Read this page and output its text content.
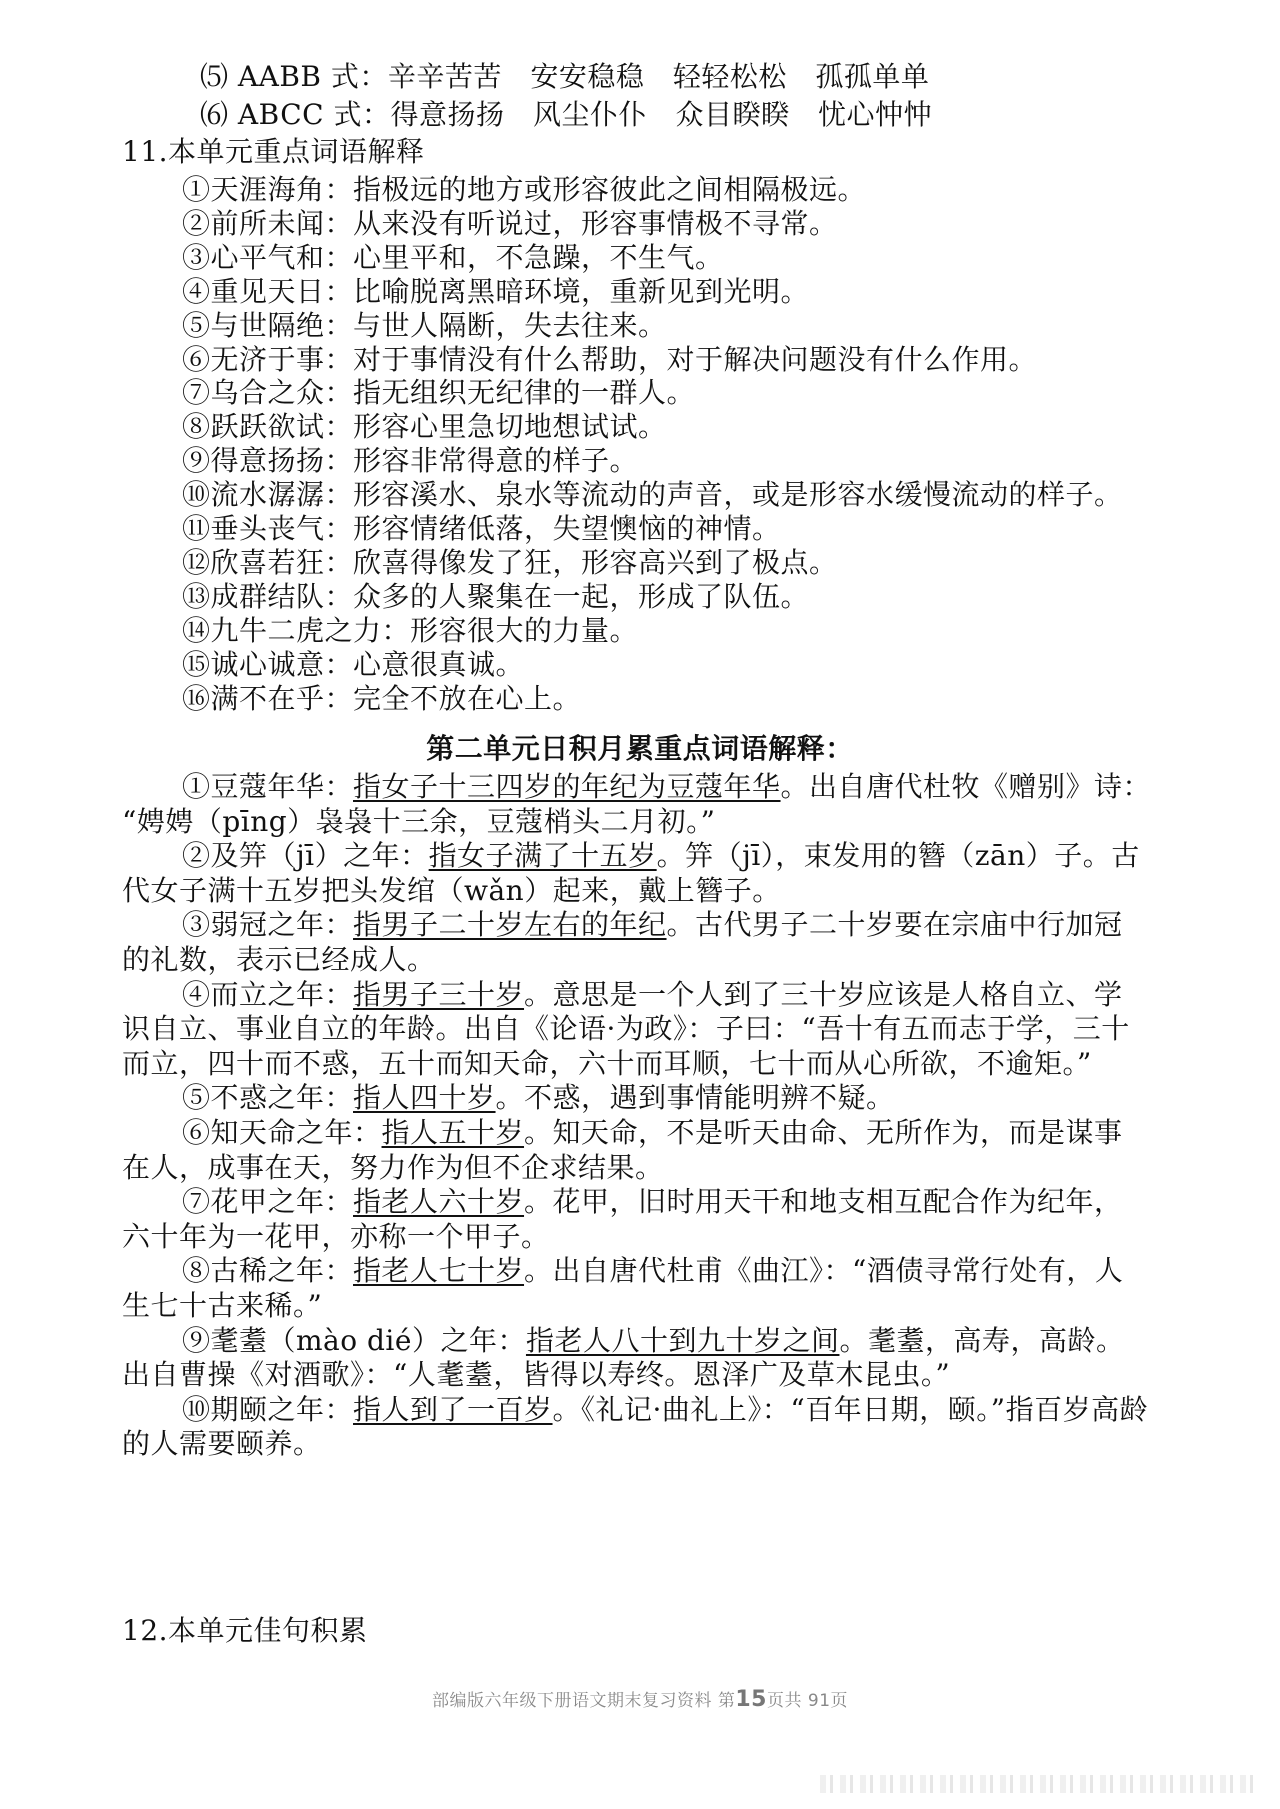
⑸ AABB 式：辛辛苦苦　安安稳稳　轻轻松松　孤孤单单
⑹ ABCC 式：得意扬扬　风尘仆仆　众目睽睽　忧心忡忡
11.本单元重点词语解释
①天涯海角：指极远的地方或形容彼此之间相隔极远。
②前所未闻：从来没有听说过，形容事情极不寻常。
③心平气和：心里平和，不急躁，不生气。
④重见天日：比喻脱离黑暗环境，重新见到光明。
⑤与世隔绝：与世人隔断，失去往来。
⑥无济于事：对于事情没有什么帮助，对于解决问题没有什么作用。
⑦乌合之众：指无组织无纪律的一群人。
⑧跃跃欲试：形容心里急切地想试试。
⑨得意扬扬：形容非常得意的样子。
⑩流水潺潺：形容溪水、泉水等流动的声音，或是形容水缓慢流动的样子。
⑪垂头丧气：形容情绪低落，失望懊恼的神情。
⑫欣喜若狂：欣喜得像发了狂，形容高兴到了极点。
⑬成群结队：众多的人聚集在一起，形成了队伍。
⑭九牛二虎之力：形容很大的力量。
⑮诚心诚意：心意很真诚。
⑯满不在乎：完全不放在心上。
第二单元日积月累重点词语解释：
①豆蔻年华：指女子十三四岁的年纪为豆蔻年华。出自唐代杜牧《赠别》诗：
“娉娉（pīng）袅袅十三余，豆蔻梢头二月初。”
②及笄（jī）之年：指女子满了十五岁。笄（jī），束发用的簪（zān）子。古
代女子满十五岁把头发绾（wǎn）起来，戴上簪子。
③弱冠之年：指男子二十岁左右的年纪。古代男子二十岁要在宗庙中行加冠
的礼数，表示已经成人。
④而立之年：指男子三十岁。意思是一个人到了三十岁应该是人格自立、学
识自立、事业自立的年龄。出自《论语·为政》：子曰：“吾十有五而志于学，三十
而立，四十而不惑，五十而知天命，六十而耳顺，七十而从心所欲，不逾矩。”
⑤不惑之年：指人四十岁。不惑，遇到事情能明辨不疑。
⑥知天命之年：指人五十岁。知天命，不是听天由命、无所作为，而是谋事
在人，成事在天，努力作为但不企求结果。
⑦花甲之年：指老人六十岁。花甲，旧时用天干和地支相互配合作为纪年，
六十年为一花甲，亦称一个甲子。
⑧古稀之年：指老人七十岁。出自唐代杜甫《曲江》：“酒债寻常行处有，人
生七十古来稀。”
⑨耄耋（mào dié）之年：指老人八十到九十岁之间。耄耋，高寿，高龄。
出自曹操《对酒歌》：“人耄耋，皆得以寿终。恩泽广及草木昆虫。”
⑩期颐之年：指人到了一百岁。《礼记·曲礼上》：“百年日期，颐。”指百岁高龄
的人需要颐养。
12.本单元佳句积累
部编版六年级下册语文期末复习资料 第15页共 91页
